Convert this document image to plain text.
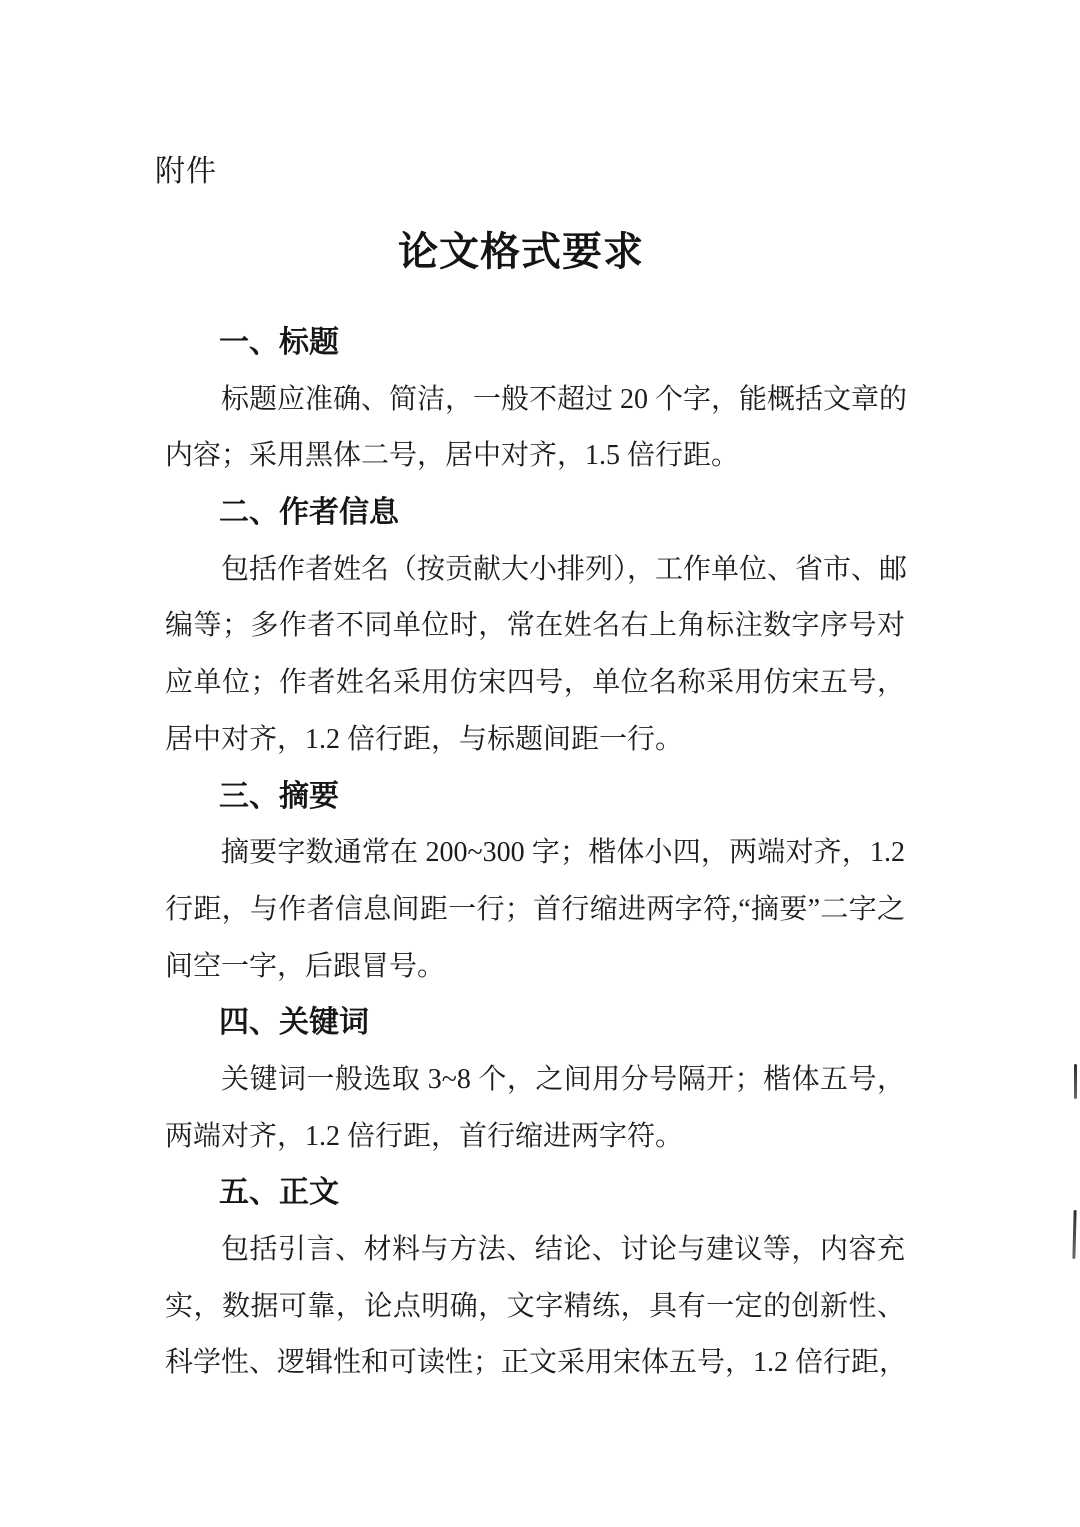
附件
论文格式要求
一、标题
标题应准确、简洁，一般不超过 20 个字，能概括文章的
内容；采用黑体二号，居中对齐，1.5 倍行距。
二、作者信息
包括作者姓名（按贡献大小排列），工作单位、省市、邮
编等；多作者不同单位时，常在姓名右上角标注数字序号对
应单位；作者姓名采用仿宋四号，单位名称采用仿宋五号，
居中对齐，1.2 倍行距，与标题间距一行。
三、摘要
摘要字数通常在 200~300 字；楷体小四，两端对齐，1.2
行距，与作者信息间距一行；首行缩进两字符,“摘要”二字之
间空一字，后跟冒号。
四、关键词
关键词一般选取 3~8 个，之间用分号隔开；楷体五号，
两端对齐，1.2 倍行距，首行缩进两字符。
五、正文
包括引言、材料与方法、结论、讨论与建议等，内容充
实，数据可靠，论点明确，文字精练，具有一定的创新性、
科学性、逻辑性和可读性；正文采用宋体五号，1.2 倍行距，
